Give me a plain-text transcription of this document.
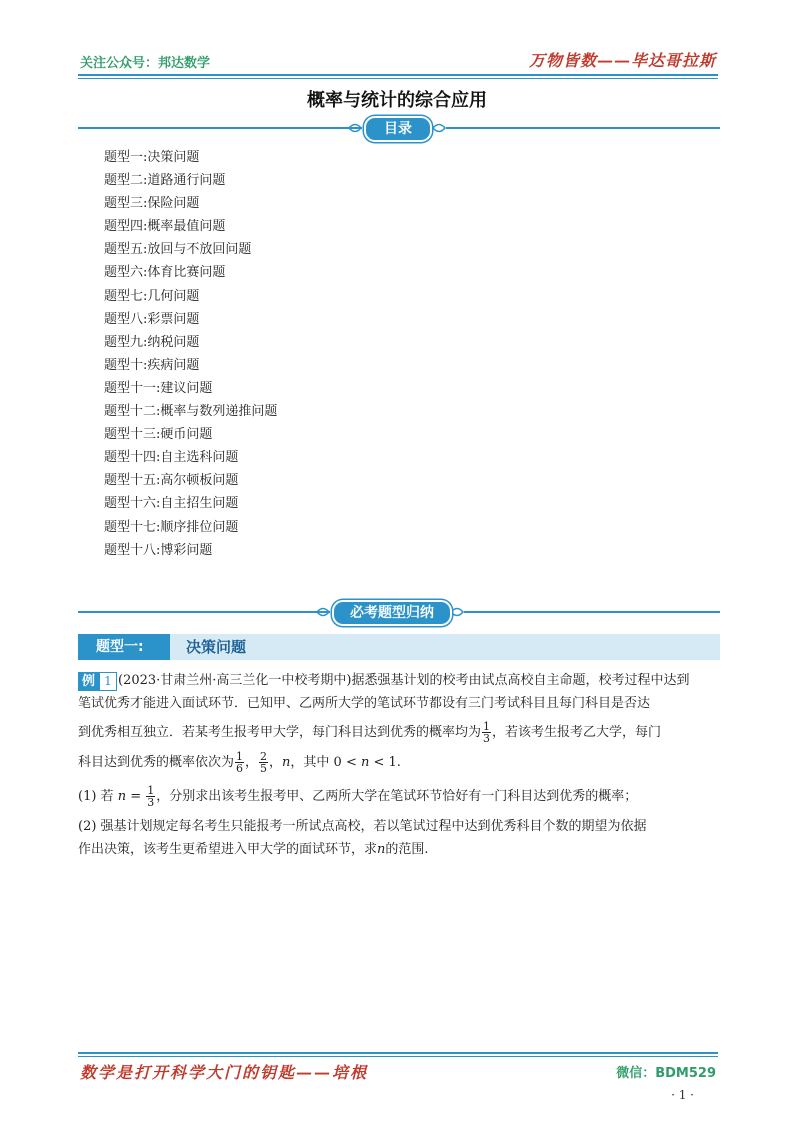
关注公众号：邦达数学	万物皆数——毕达哥拉斯
概率与统计的综合应用
目录
题型一:决策问题
题型二:道路通行问题
题型三:保险问题
题型四:概率最值问题
题型五:放回与不放回问题
题型六:体育比赛问题
题型七:几何问题
题型八:彩票问题
题型九:纳税问题
题型十:疾病问题
题型十一:建议问题
题型十二:概率与数列递推问题
题型十三:硬币问题
题型十四:自主选科问题
题型十五:高尔顿板问题
题型十六:自主招生问题
题型十七:顺序排位问题
题型十八:博彩问题
必考题型归纳
题型一:	决策问题
例 1 (2023·甘肃兰州·高三兰化一中校考期中)据悉强基计划的校考由试点高校自主命题，校考过程中达到
笔试优秀才能进入面试环节．已知甲、乙两所大学的笔试环节都设有三门考试科目且每门科目是否达
到优秀相互独立．若某考生报考甲大学，每门科目达到优秀的概率均为 $\frac{1}{3}$ ，若该考生报考乙大学，每门
科目达到优秀的概率依次为 $\frac{1}{6}$ ， $\frac{2}{5}$ ，n，其中 0 < n < 1.
(1) 若 $n = \frac{1}{3}$ ，分别求出该考生报考甲、乙两所大学在笔试环节恰好有一门科目达到优秀的概率；
(2) 强基计划规定每名考生只能报考一所试点高校，若以笔试过程中达到优秀科目个数的期望为依据
作出决策，该考生更希望进入甲大学的面试环节，求n的范围.
数学是打开科学大门的钥匙——培根	微信：BDM529
· 1 ·
